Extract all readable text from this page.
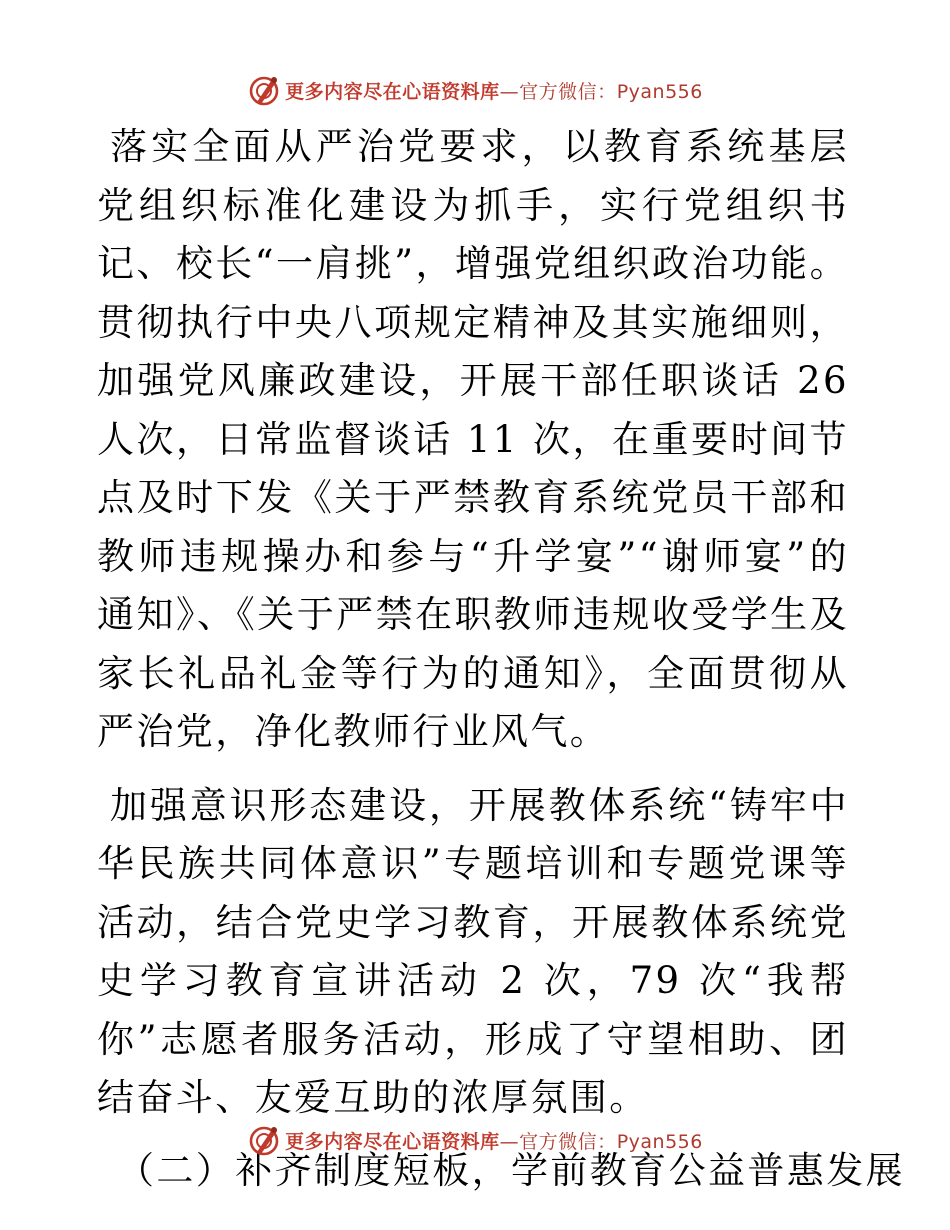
更多内容尽在心语资料库—官方微信：Pyan556

落实全面从严治党要求，以教育系统基层党组织标准化建设为抓手，实行党组织书记、校长“一肩挑”，增强党组织政治功能。贯彻执行中央八项规定精神及其实施细则，加强党风廉政建设，开展干部任职谈话 26 人次，日常监督谈话 11 次，在重要时间节点及时下发《关于严禁教育系统党员干部和教师违规操办和参与“升学宴”“谢师宴”的通知》、《关于严禁在职教师违规收受学生及家长礼品礼金等行为的通知》，全面贯彻从严治党，净化教师行业风气。

加强意识形态建设，开展教体系统“铸牢中华民族共同体意识”专题培训和专题党课等活动，结合党史学习教育，开展教体系统党史学习教育宣讲活动 2 次，79 次“我帮你”志愿者服务活动，形成了守望相助、团结奋斗、友爱互助的浓厚氛围。

（二）补齐制度短板，学前教育公益普惠发展

更多内容尽在心语资料库—官方微信：Pyan556
